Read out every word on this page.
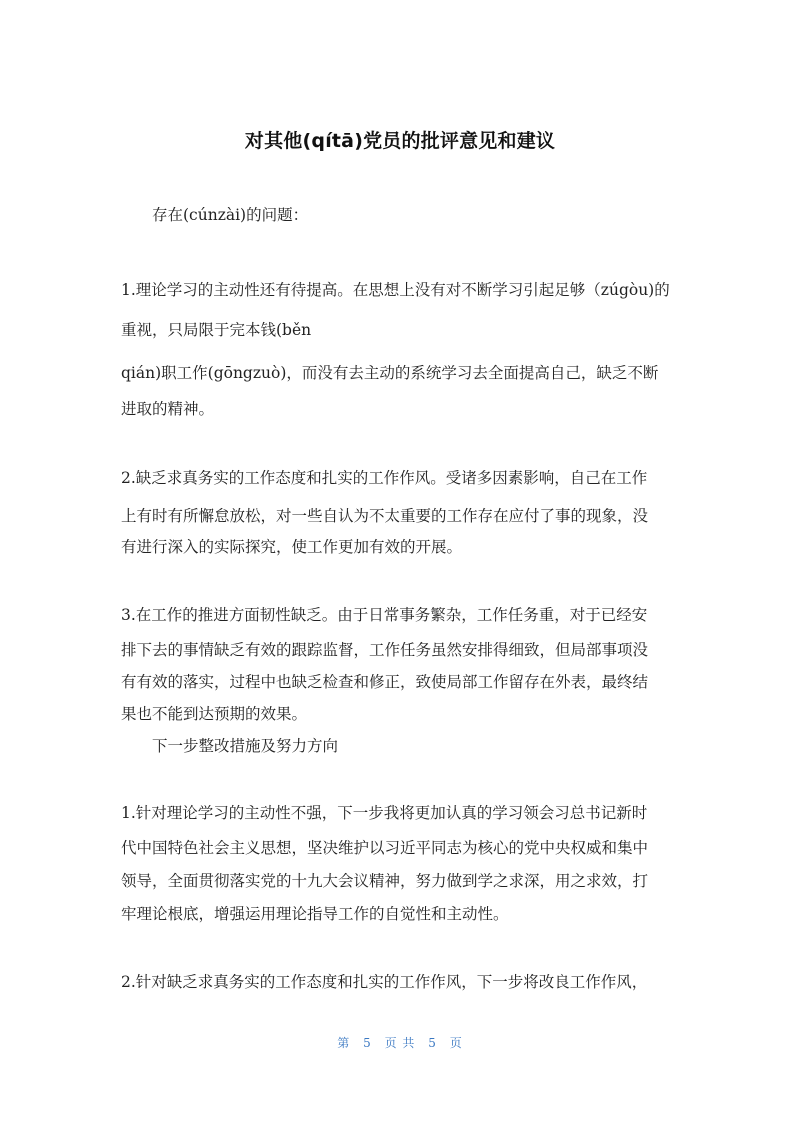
对其他(qítā)党员的批评意见和建议
存在(cúnzài)的问题：
1.理论学习的主动性还有待提高。在思想上没有对不断学习引起足够（zúgòu)的
重视，只局限于完本钱(běn
qián)职工作(gōngzuò)，而没有去主动的系统学习去全面提高自己，缺乏不断
进取的精神。
2.缺乏求真务实的工作态度和扎实的工作作风。受诸多因素影响，自己在工作
上有时有所懈怠放松，对一些自认为不太重要的工作存在应付了事的现象，没
有进行深入的实际探究，使工作更加有效的开展。
3.在工作的推进方面韧性缺乏。由于日常事务繁杂，工作任务重，对于已经安
排下去的事情缺乏有效的跟踪监督，工作任务虽然安排得细致，但局部事项没
有有效的落实，过程中也缺乏检查和修正，致使局部工作留存在外表，最终结
果也不能到达预期的效果。
下一步整改措施及努力方向
1.针对理论学习的主动性不强，下一步我将更加认真的学习领会习总书记新时
代中国特色社会主义思想，坚决维护以习近平同志为核心的党中央权威和集中
领导，全面贯彻落实党的十九大会议精神，努力做到学之求深，用之求效，打
牢理论根底，增强运用理论指导工作的自觉性和主动性。
2.针对缺乏求真务实的工作态度和扎实的工作作风，下一步将改良工作作风，
第 5 页 共 5 页
